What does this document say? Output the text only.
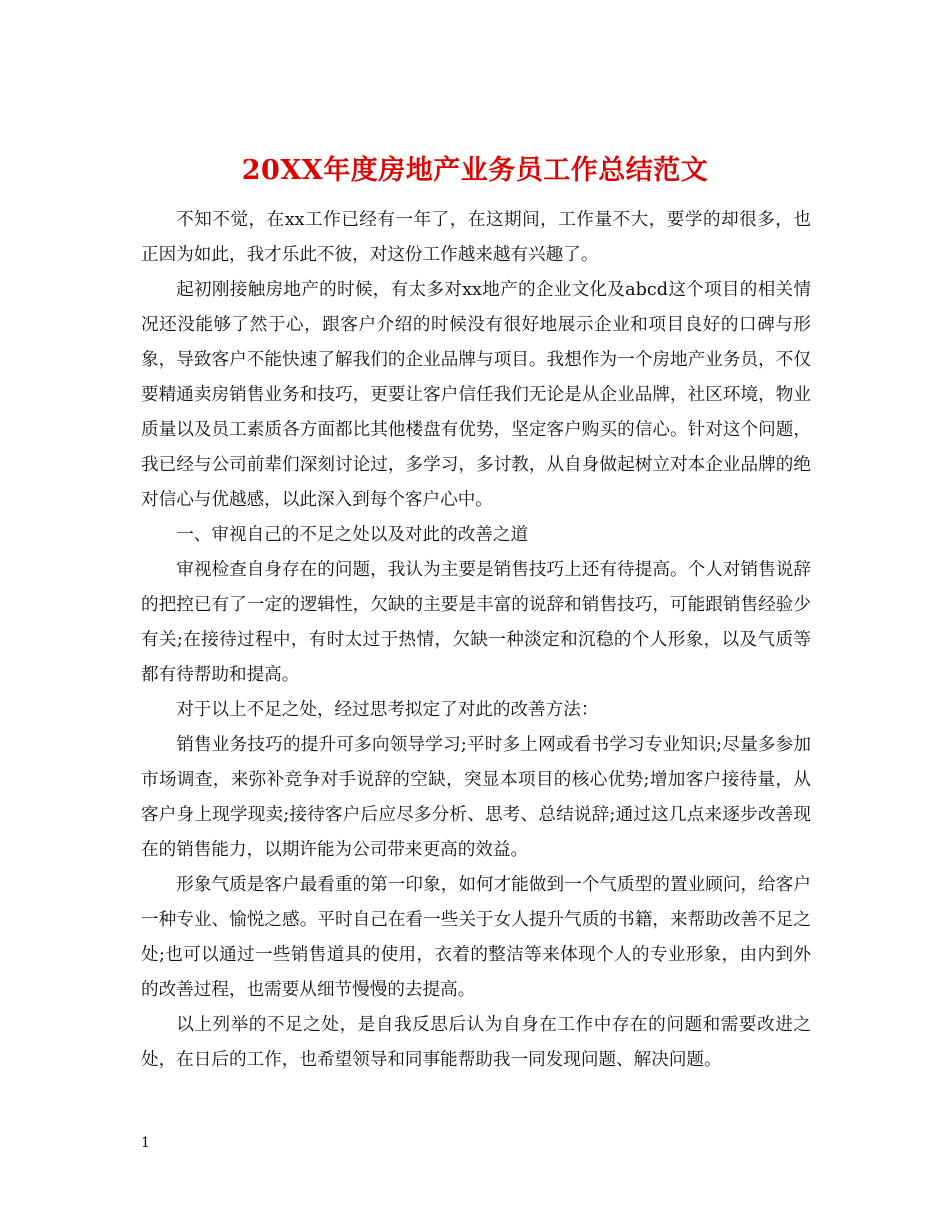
20XX年度房地产业务员工作总结范文

不知不觉，在xx工作已经有一年了，在这期间，工作量不大，要学的却很多，也正因为如此，我才乐此不彼，对这份工作越来越有兴趣了。

起初刚接触房地产的时候，有太多对xx地产的企业文化及abcd这个项目的相关情况还没能够了然于心，跟客户介绍的时候没有很好地展示企业和项目良好的口碑与形象，导致客户不能快速了解我们的企业品牌与项目。我想作为一个房地产业务员，不仅要精通卖房销售业务和技巧，更要让客户信任我们无论是从企业品牌，社区环境，物业质量以及员工素质各方面都比其他楼盘有优势，坚定客户购买的信心。针对这个问题，我已经与公司前辈们深刻讨论过，多学习，多讨教，从自身做起树立对本企业品牌的绝对信心与优越感，以此深入到每个客户心中。

一、审视自己的不足之处以及对此的改善之道

审视检查自身存在的问题，我认为主要是销售技巧上还有待提高。个人对销售说辞的把控已有了一定的逻辑性，欠缺的主要是丰富的说辞和销售技巧，可能跟销售经验少有关;在接待过程中，有时太过于热情，欠缺一种淡定和沉稳的个人形象，以及气质等都有待帮助和提高。

对于以上不足之处，经过思考拟定了对此的改善方法：

销售业务技巧的提升可多向领导学习;平时多上网或看书学习专业知识;尽量多参加市场调查，来弥补竞争对手说辞的空缺，突显本项目的核心优势;增加客户接待量，从客户身上现学现卖;接待客户后应尽多分析、思考、总结说辞;通过这几点来逐步改善现在的销售能力，以期许能为公司带来更高的效益。

形象气质是客户最看重的第一印象，如何才能做到一个气质型的置业顾问，给客户一种专业、愉悦之感。平时自己在看一些关于女人提升气质的书籍，来帮助改善不足之处;也可以通过一些销售道具的使用，衣着的整洁等来体现个人的专业形象，由内到外的改善过程，也需要从细节慢慢的去提高。

以上列举的不足之处，是自我反思后认为自身在工作中存在的问题和需要改进之处，在日后的工作，也希望领导和同事能帮助我一同发现问题、解决问题。

1
